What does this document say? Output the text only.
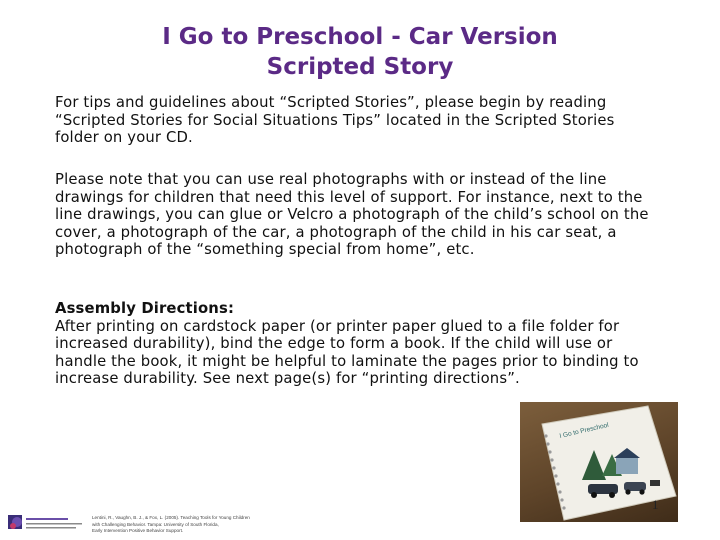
I Go to Preschool - Car Version
Scripted Story
For tips and guidelines about “Scripted Stories”, please begin by reading “Scripted Stories for Social Situations Tips” located in the Scripted Stories folder on your CD.
Please note that you can use real photographs with or instead of the line drawings for children that need this level of support. For instance, next to the line drawings, you can glue or Velcro a photograph of the child’s school on the cover, a photograph of the car, a photograph of the child in his car seat, a photograph of the “something special from home”, etc.
Assembly Directions:
After printing on cardstock paper (or printer paper glued to a file folder for increased durability), bind the edge to form a book. If the child will use or handle the book, it might be helpful to laminate the pages prior to binding to increase durability. See next page(s) for “printing directions”.
I Go to Preschool
1
Lentini, R., Vaughn, B. J., & Fox, L. (2005). Teaching Tools for Young Children
with Challenging Behavior. Tampa: University of South Florida,
Early Intervention Positive Behavior Support.
